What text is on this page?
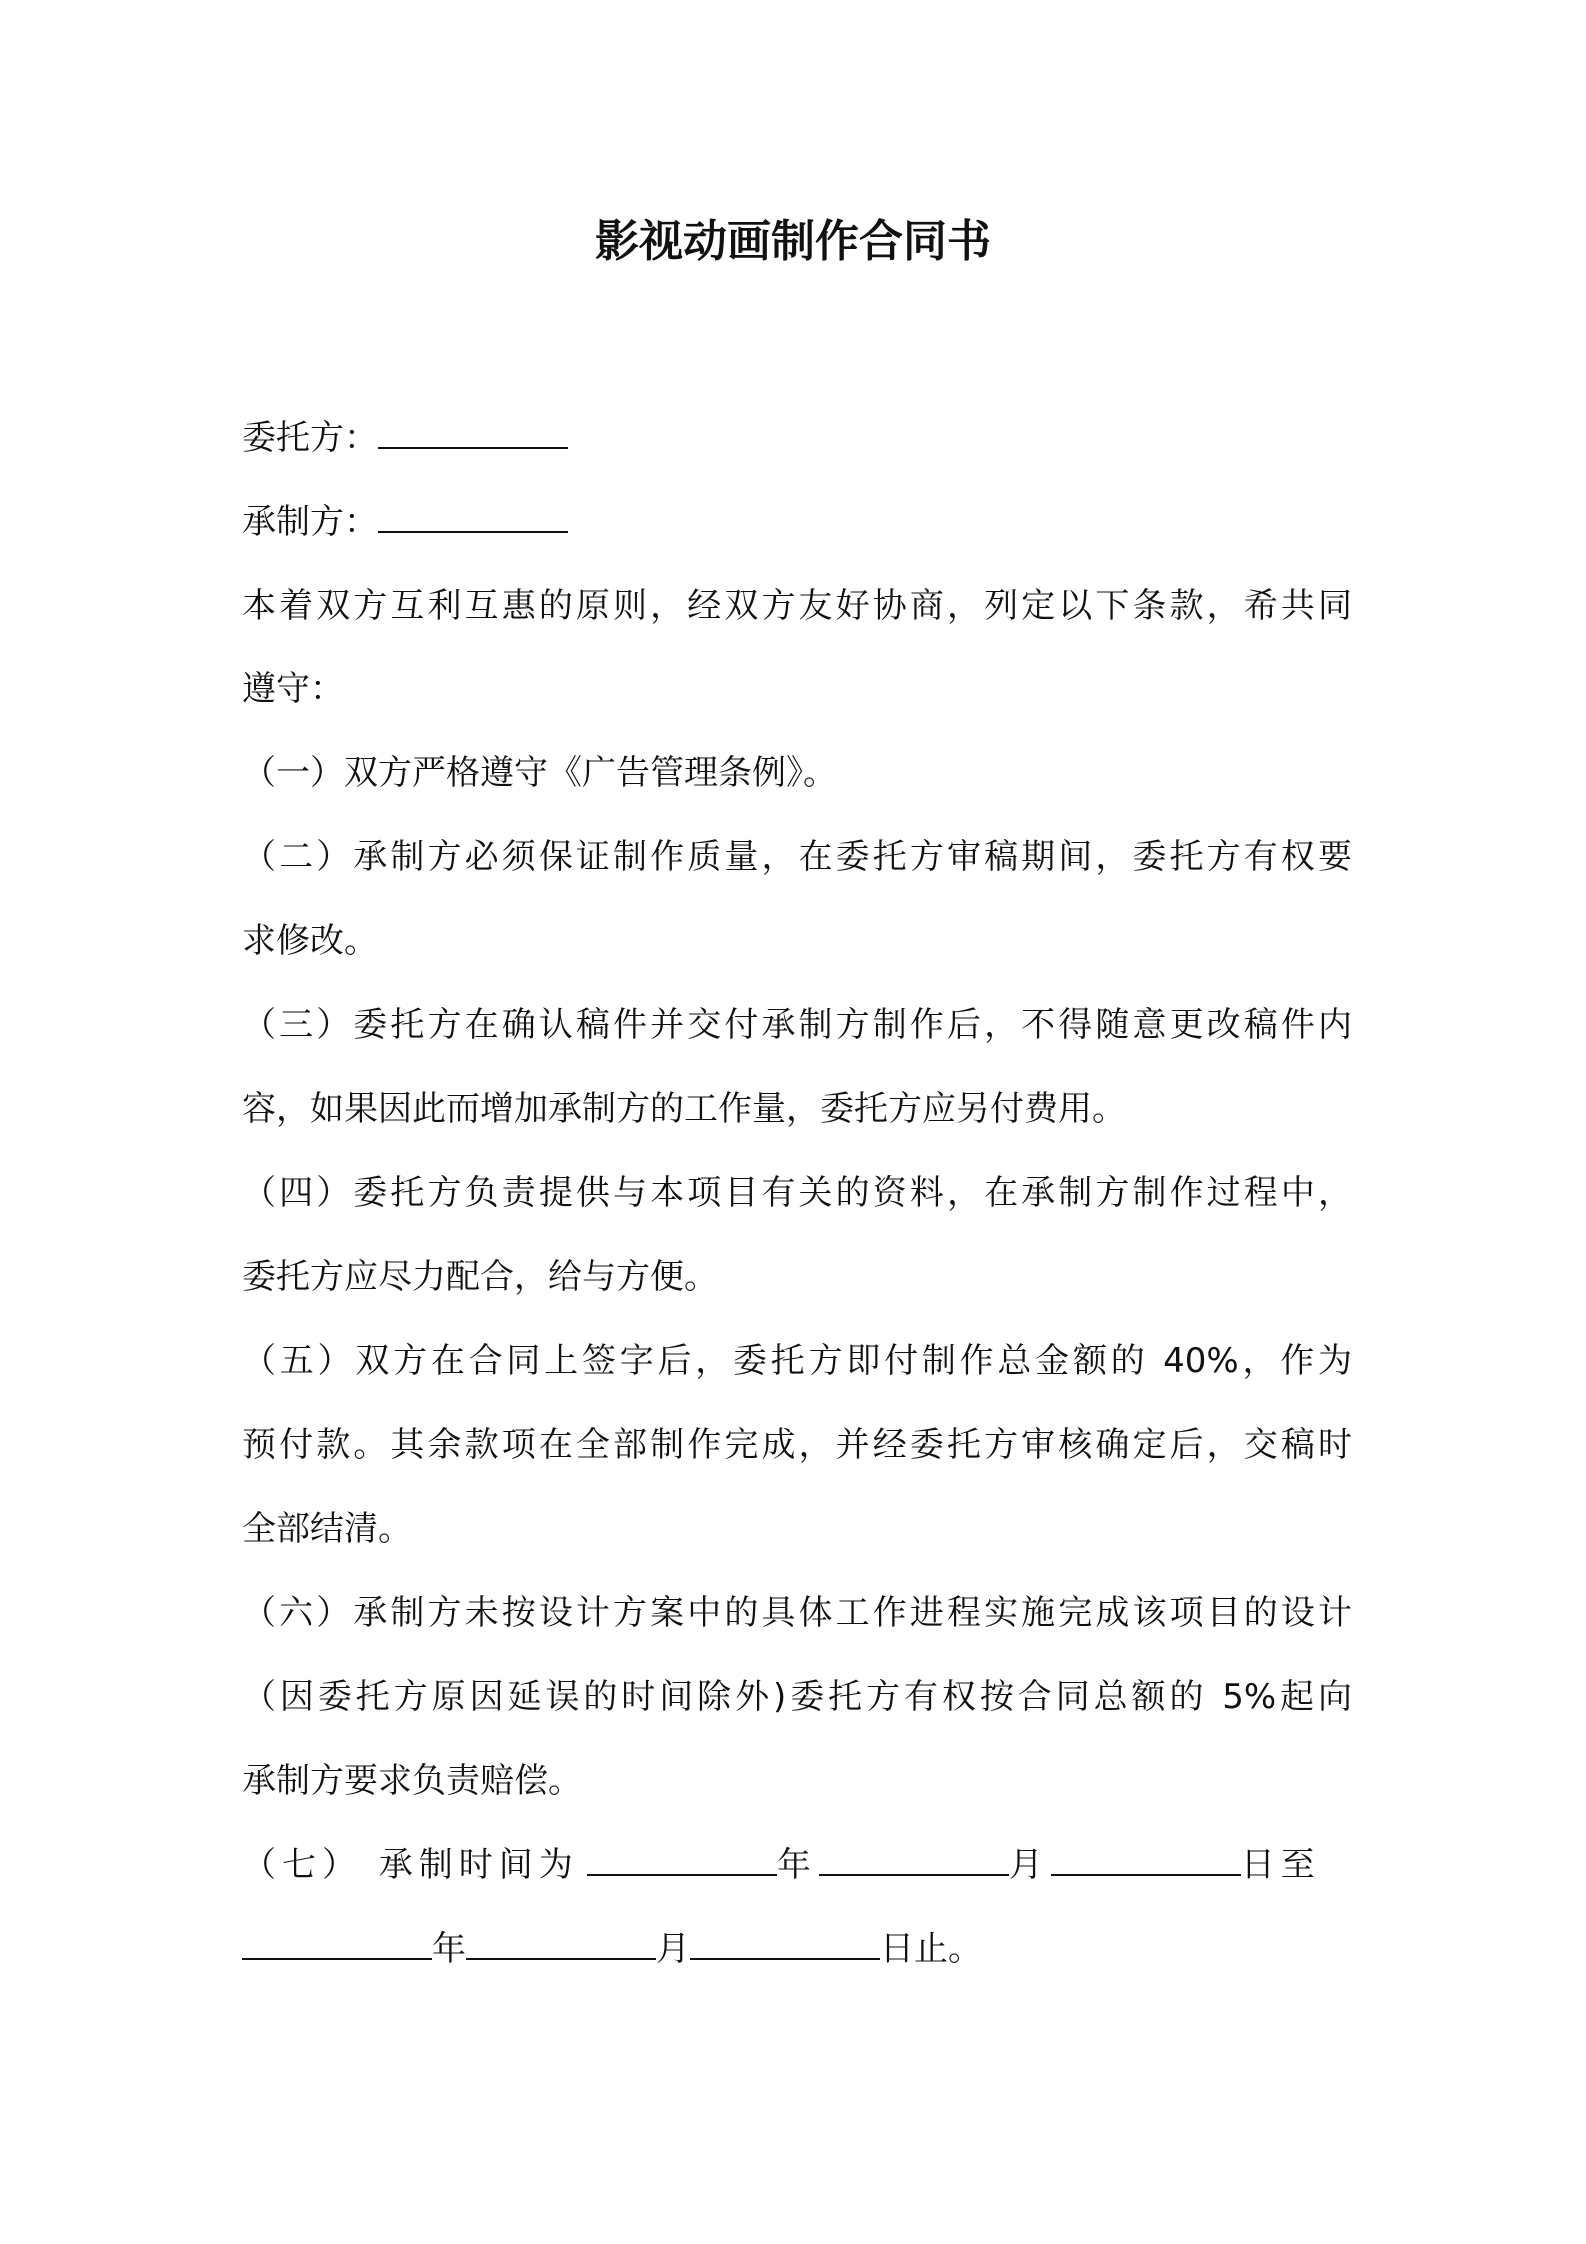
影视动画制作合同书
委托方：
承制方：
本着双方互利互惠的原则，经双方友好协商，列定以下条款，希共同
遵守：
（一）双方严格遵守《广告管理条例》。
（二）承制方必须保证制作质量，在委托方审稿期间，委托方有权要
求修改。
（三）委托方在确认稿件并交付承制方制作后，不得随意更改稿件内
容，如果因此而增加承制方的工作量，委托方应另付费用。
（四）委托方负责提供与本项目有关的资料，在承制方制作过程中，
委托方应尽力配合，给与方便。
（五）双方在合同上签字后，委托方即付制作总金额的 40%，作为
预付款。其余款项在全部制作完成，并经委托方审核确定后，交稿时
全部结清。
（六）承制方未按设计方案中的具体工作进程实施完成该项目的设计
（因委托方原因延误的时间除外)委托方有权按合同总额的 5%起向
承制方要求负责赔偿。
（七） 承制时间为	年	月	日至
年	月	日止。
